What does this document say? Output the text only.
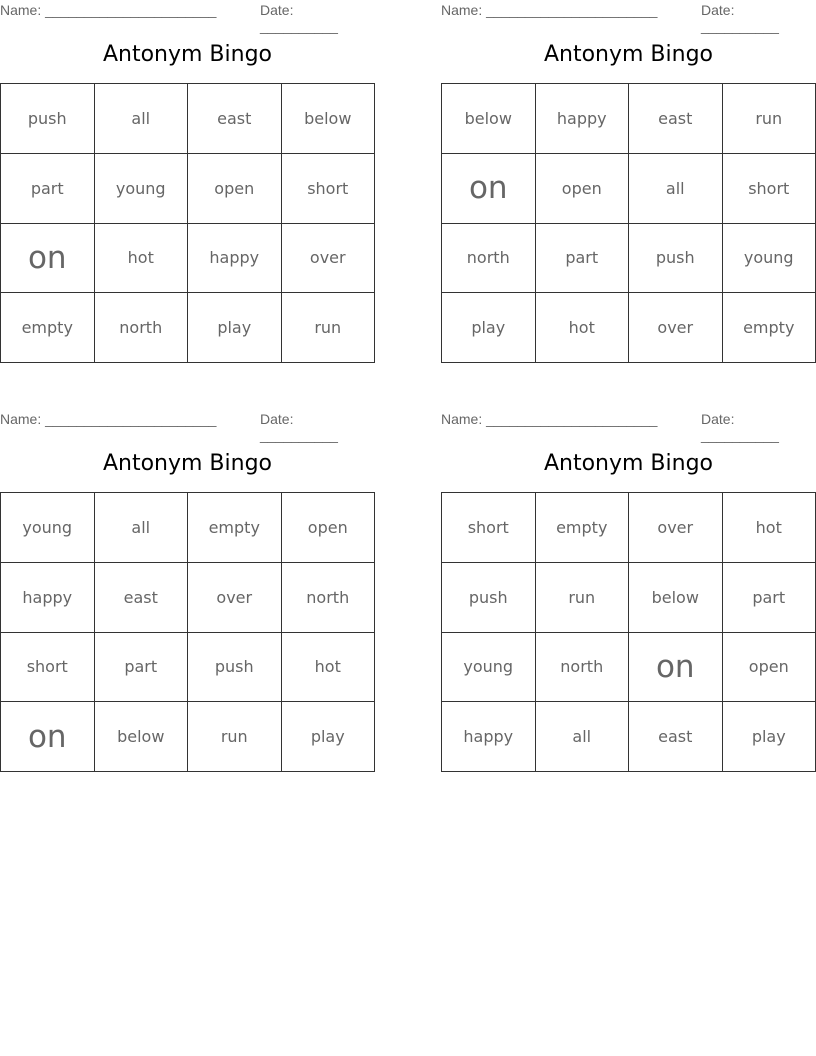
Name: ______________________	Date: __________
Antonym Bingo
push	all	east	below
part	young	open	short
on	hot	happy	over
empty	north	play	run
Name: ______________________	Date: __________
Antonym Bingo
below	happy	east	run
on	open	all	short
north	part	push	young
play	hot	over	empty
Name: ______________________	Date: __________
Antonym Bingo
young	all	empty	open
happy	east	over	north
short	part	push	hot
on	below	run	play
Name: ______________________	Date: __________
Antonym Bingo
short	empty	over	hot
push	run	below	part
young	north	on	open
happy	all	east	play
